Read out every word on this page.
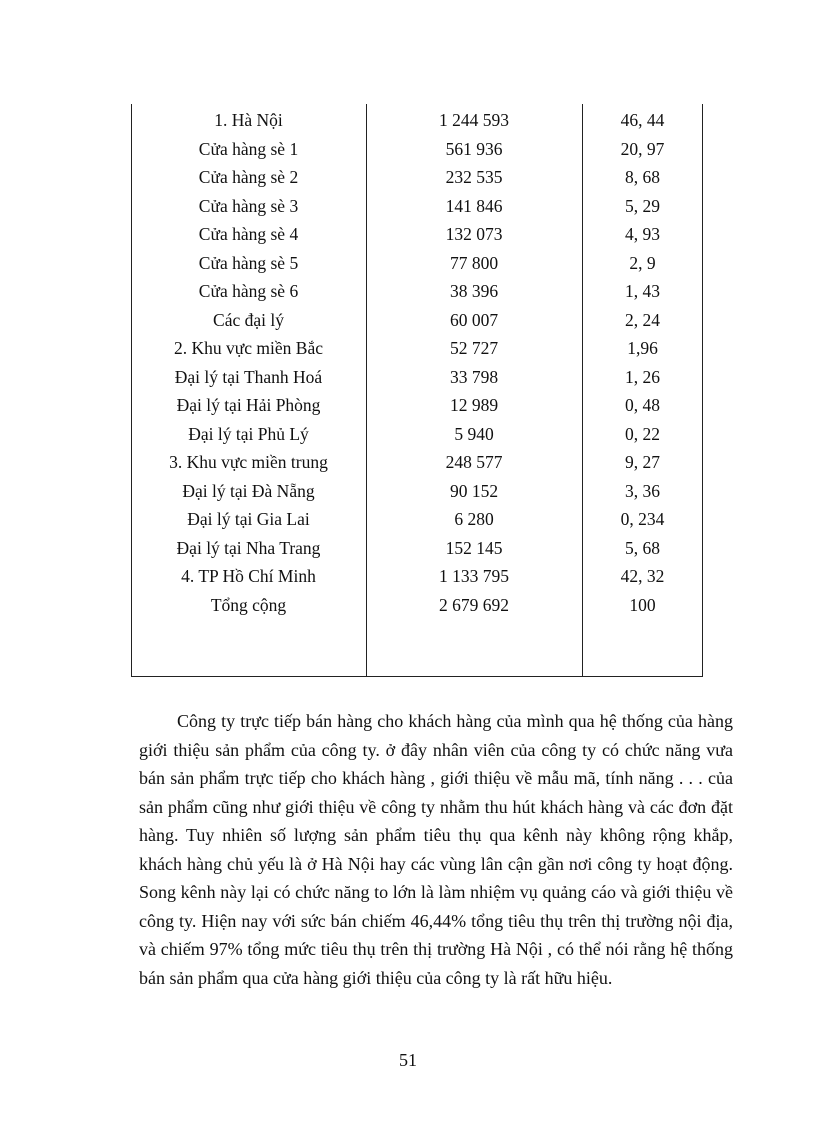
1. Hà Nội	1 244 593	46, 44
Cửa hàng sè 1	561 936	20, 97
Cửa hàng sè 2	232 535	8, 68
Cửa hàng sè 3	141 846	5, 29
Cửa hàng sè 4	132 073	4, 93
Cửa hàng sè 5	77 800	2, 9
Cửa hàng sè 6	38 396	1, 43
Các đại lý	60 007	2, 24
2. Khu vực miền Bắc	52 727	1,96
Đại lý tại Thanh Hoá	33 798	1, 26
Đại lý tại Hải Phòng	12 989	0, 48
Đại lý tại Phủ Lý	5 940	0, 22
3. Khu vực miền trung	248 577	9, 27
Đại lý tại Đà Nẵng	90 152	3, 36
Đại lý tại Gia Lai	6 280	0, 234
Đại lý tại Nha Trang	152 145	5, 68
4. TP Hồ Chí Minh	1 133 795	42, 32
Tổng cộng	2 679 692	100

Công ty trực tiếp bán hàng cho khách hàng của mình qua hệ thống của hàng giới thiệu sản phẩm của công ty. ở đây nhân viên của công ty có chức năng vưa bán sản phẩm trực tiếp cho khách hàng , giới thiệu về mẫu mã, tính năng . . . của sản phẩm cũng như giới thiệu về công ty nhằm thu hút khách hàng và các đơn đặt hàng. Tuy nhiên số lượng sản phẩm tiêu thụ qua kênh này không rộng khắp, khách hàng chủ yếu là ở Hà Nội hay các vùng lân cận gần nơi công ty hoạt động. Song kênh này lại có chức năng to lớn là làm nhiệm vụ quảng cáo và giới thiệu về công ty. Hiện nay với sức bán chiếm 46,44% tổng tiêu thụ trên thị trường nội địa, và chiếm 97% tổng mức tiêu thụ trên thị trường Hà Nội , có thể nói rằng hệ thống bán sản phẩm qua cửa hàng giới thiệu của công ty là rất hữu hiệu.

51
